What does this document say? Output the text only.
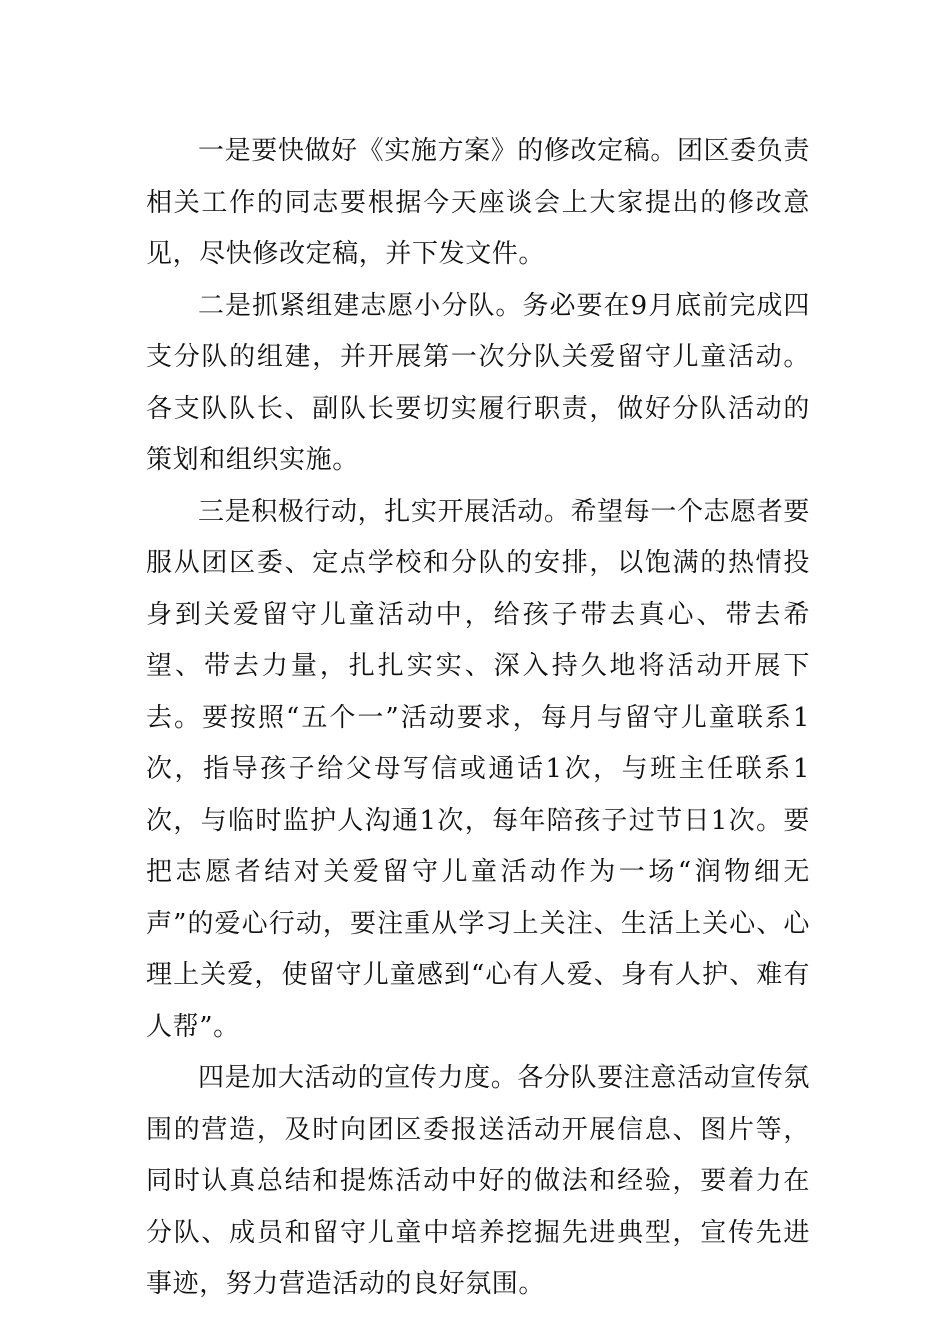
一是要快做好《实施方案》的修改定稿。团区委负责相关工作的同志要根据今天座谈会上大家提出的修改意见，尽快修改定稿，并下发文件。

二是抓紧组建志愿小分队。务必要在9月底前完成四支分队的组建，并开展第一次分队关爱留守儿童活动。各支队队长、副队长要切实履行职责，做好分队活动的策划和组织实施。

三是积极行动，扎实开展活动。希望每一个志愿者要服从团区委、定点学校和分队的安排，以饱满的热情投身到关爱留守儿童活动中，给孩子带去真心、带去希望、带去力量，扎扎实实、深入持久地将活动开展下去。要按照“五个一”活动要求，每月与留守儿童联系1次，指导孩子给父母写信或通话1次，与班主任联系1次，与临时监护人沟通1次，每年陪孩子过节日1次。要把志愿者结对关爱留守儿童活动作为一场“润物细无声”的爱心行动，要注重从学习上关注、生活上关心、心理上关爱，使留守儿童感到“心有人爱、身有人护、难有人帮”。

四是加大活动的宣传力度。各分队要注意活动宣传氛围的营造，及时向团区委报送活动开展信息、图片等，同时认真总结和提炼活动中好的做法和经验，要着力在分队、成员和留守儿童中培养挖掘先进典型，宣传先进事迹，努力营造活动的良好氛围。
